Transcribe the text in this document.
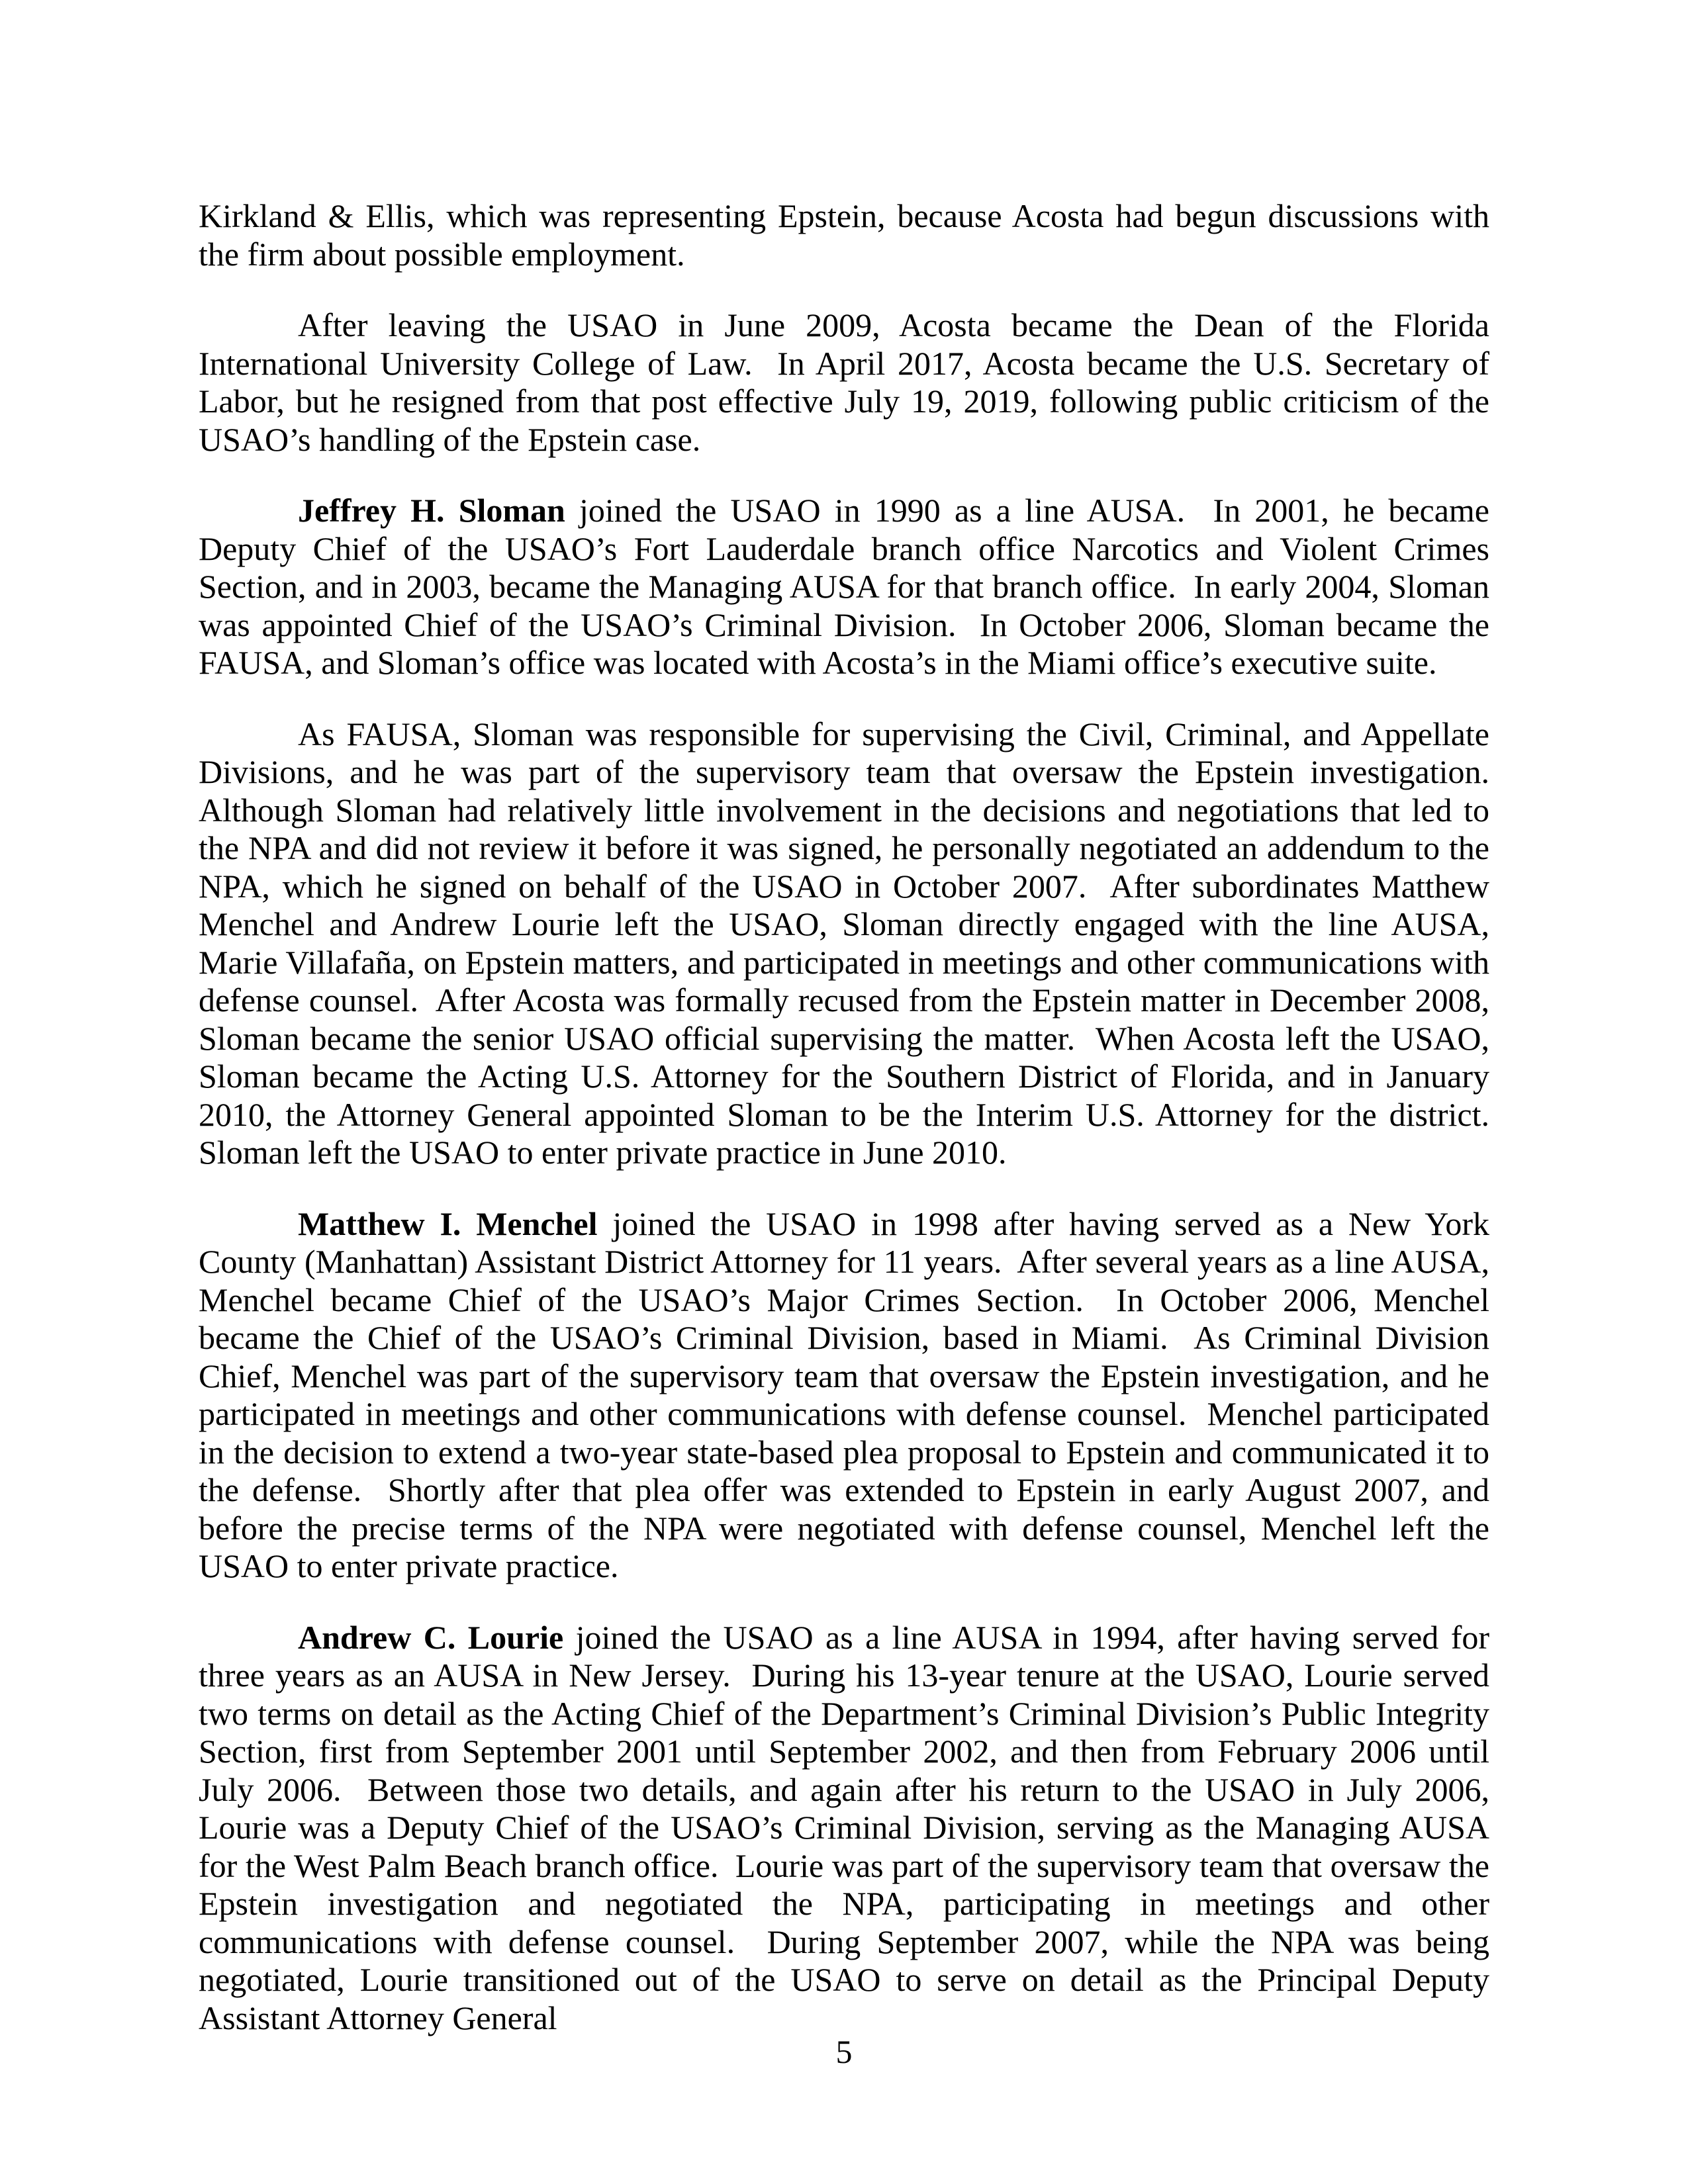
Kirkland & Ellis, which was representing Epstein, because Acosta had begun discussions with the firm about possible employment.

After leaving the USAO in June 2009, Acosta became the Dean of the Florida International University College of Law.  In April 2017, Acosta became the U.S. Secretary of Labor, but he resigned from that post effective July 19, 2019, following public criticism of the USAO’s handling of the Epstein case.

Jeffrey H. Sloman joined the USAO in 1990 as a line AUSA.  In 2001, he became Deputy Chief of the USAO’s Fort Lauderdale branch office Narcotics and Violent Crimes Section, and in 2003, became the Managing AUSA for that branch office.  In early 2004, Sloman was appointed Chief of the USAO’s Criminal Division.  In October 2006, Sloman became the FAUSA, and Sloman’s office was located with Acosta’s in the Miami office’s executive suite.

As FAUSA, Sloman was responsible for supervising the Civil, Criminal, and Appellate Divisions, and he was part of the supervisory team that oversaw the Epstein investigation.  Although Sloman had relatively little involvement in the decisions and negotiations that led to the NPA and did not review it before it was signed, he personally negotiated an addendum to the NPA, which he signed on behalf of the USAO in October 2007.  After subordinates Matthew Menchel and Andrew Lourie left the USAO, Sloman directly engaged with the line AUSA, Marie Villafaña, on Epstein matters, and participated in meetings and other communications with defense counsel.  After Acosta was formally recused from the Epstein matter in December 2008, Sloman became the senior USAO official supervising the matter.  When Acosta left the USAO, Sloman became the Acting U.S. Attorney for the Southern District of Florida, and in January 2010, the Attorney General appointed Sloman to be the Interim U.S. Attorney for the district.  Sloman left the USAO to enter private practice in June 2010.

Matthew I. Menchel joined the USAO in 1998 after having served as a New York County (Manhattan) Assistant District Attorney for 11 years.  After several years as a line AUSA, Menchel became Chief of the USAO’s Major Crimes Section.  In October 2006, Menchel became the Chief of the USAO’s Criminal Division, based in Miami.  As Criminal Division Chief, Menchel was part of the supervisory team that oversaw the Epstein investigation, and he participated in meetings and other communications with defense counsel.  Menchel participated in the decision to extend a two-year state-based plea proposal to Epstein and communicated it to the defense.  Shortly after that plea offer was extended to Epstein in early August 2007, and before the precise terms of the NPA were negotiated with defense counsel, Menchel left the USAO to enter private practice.

Andrew C. Lourie joined the USAO as a line AUSA in 1994, after having served for three years as an AUSA in New Jersey.  During his 13-year tenure at the USAO, Lourie served two terms on detail as the Acting Chief of the Department’s Criminal Division’s Public Integrity Section, first from September 2001 until September 2002, and then from February 2006 until July 2006.  Between those two details, and again after his return to the USAO in July 2006, Lourie was a Deputy Chief of the USAO’s Criminal Division, serving as the Managing AUSA for the West Palm Beach branch office.  Lourie was part of the supervisory team that oversaw the Epstein investigation and negotiated the NPA, participating in meetings and other communications with defense counsel.  During September 2007, while the NPA was being negotiated, Lourie transitioned out of the USAO to serve on detail as the Principal Deputy Assistant Attorney General

5
